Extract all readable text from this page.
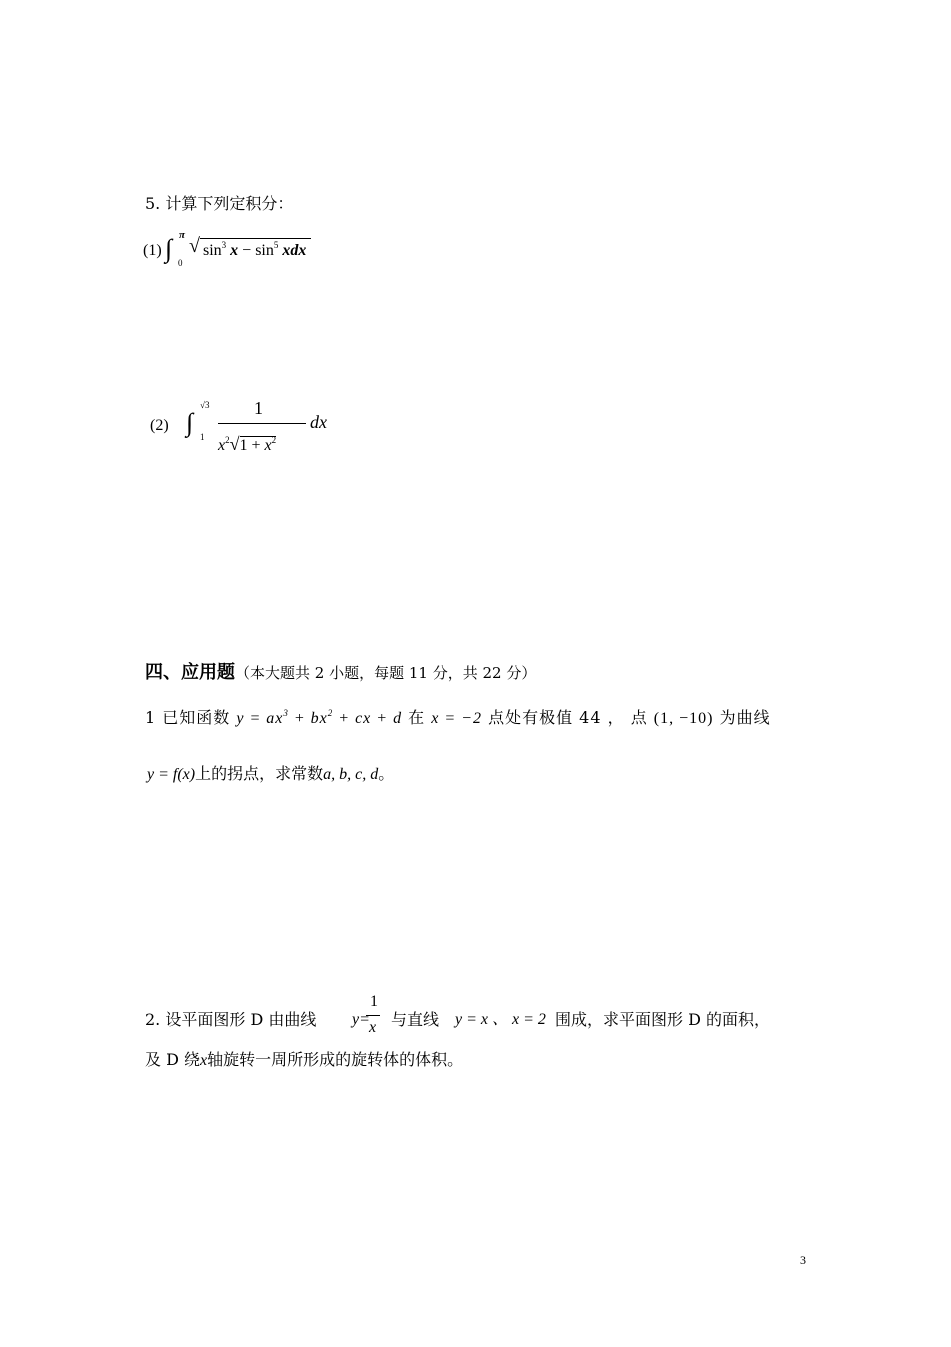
5. 计算下列定积分：
(1) ∫ π
0
√ $\sin^3 x - \sin^5$ xdx
(2) ∫
√3
1
1
$x^2√1 + x^2$
dx
四、应用题（本大题共 2 小题，每题 11 分，共 22 分）
1 已知函数 $y = ax^3 + bx^2$ + cx + d 在 x = −2 点处有极值 44 ， 点 (1, −10) 为曲线
y = f(x)上的拐点，求常数a, b, c, d。
2. 设平面图形 D 由曲线 y=
1
x 与直线 y = x 、 x = 2 围成，求平面图形 D 的面积，
及 D 绕x轴旋转一周所形成的旋转体的体积。
3
